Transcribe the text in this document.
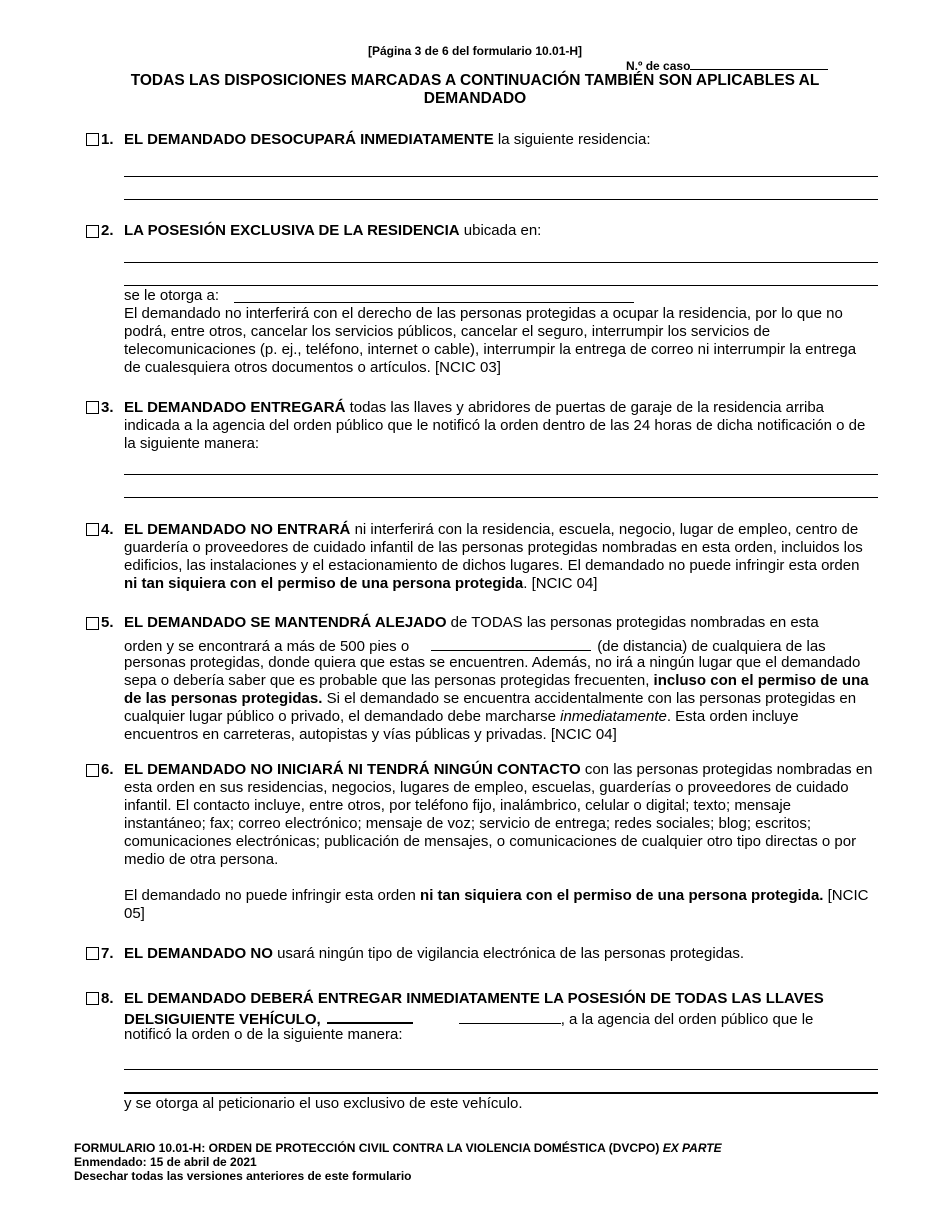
[Página 3 de 6 del formulario 10.01-H]
N.º de caso
TODAS LAS DISPOSICIONES MARCADAS A CONTINUACIÓN TAMBIÉN SON APLICABLES AL
DEMANDADO
1. EL DEMANDADO DESOCUPARÁ INMEDIATAMENTE la siguiente residencia:
2. LA POSESIÓN EXCLUSIVA DE LA RESIDENCIA ubicada en:
se le otorga a:
El demandado no interferirá con el derecho de las personas protegidas a ocupar la residencia, por lo que no podrá, entre otros, cancelar los servicios públicos, cancelar el seguro, interrumpir los servicios de telecomunicaciones (p. ej., teléfono, internet o cable), interrumpir la entrega de correo ni interrumpir la entrega de cualesquiera otros documentos o artículos. [NCIC 03]
3. EL DEMANDADO ENTREGARÁ todas las llaves y abridores de puertas de garaje de la residencia arriba indicada a la agencia del orden público que le notificó la orden dentro de las 24 horas de dicha notificación o de la siguiente manera:
4. EL DEMANDADO NO ENTRARÁ ni interferirá con la residencia, escuela, negocio, lugar de empleo, centro de guardería o proveedores de cuidado infantil de las personas protegidas nombradas en esta orden, incluidos los edificios, las instalaciones y el estacionamiento de dichos lugares. El demandado no puede infringir esta orden ni tan siquiera con el permiso de una persona protegida. [NCIC 04]
5. EL DEMANDADO SE MANTENDRÁ ALEJADO de TODAS las personas protegidas nombradas en esta
orden y se encontrará a más de 500 pies o	(de distancia) de cualquiera de las
personas protegidas, donde quiera que estas se encuentren. Además, no irá a ningún lugar que el demandado sepa o debería saber que es probable que las personas protegidas frecuenten, incluso con el permiso de una de las personas protegidas. Si el demandado se encuentra accidentalmente con las personas protegidas en cualquier lugar público o privado, el demandado debe marcharse inmediatamente. Esta orden incluye encuentros en carreteras, autopistas y vías públicas y privadas. [NCIC 04]
6. EL DEMANDADO NO INICIARÁ NI TENDRÁ NINGÚN CONTACTO con las personas protegidas nombradas en esta orden en sus residencias, negocios, lugares de empleo, escuelas, guarderías o proveedores de cuidado infantil. El contacto incluye, entre otros, por teléfono fijo, inalámbrico, celular o digital; texto; mensaje instantáneo; fax; correo electrónico; mensaje de voz; servicio de entrega; redes sociales; blog; escritos; comunicaciones electrónicas; publicación de mensajes, o comunicaciones de cualquier otro tipo directas o por medio de otra persona.
El demandado no puede infringir esta orden ni tan siquiera con el permiso de una persona protegida. [NCIC 05]
7. EL DEMANDADO NO usará ningún tipo de vigilancia electrónica de las personas protegidas.
8. EL DEMANDADO DEBERÁ ENTREGAR INMEDIATAMENTE LA POSESIÓN DE TODAS LAS LLAVES
DELSIGUIENTE VEHÍCULO,	, a la agencia del orden público que le
notificó la orden o de la siguiente manera:
y se otorga al peticionario el uso exclusivo de este vehículo.
FORMULARIO 10.01-H: ORDEN DE PROTECCIÓN CIVIL CONTRA LA VIOLENCIA DOMÉSTICA (DVCPO) EX PARTE
Enmendado: 15 de abril de 2021
Desechar todas las versiones anteriores de este formulario
